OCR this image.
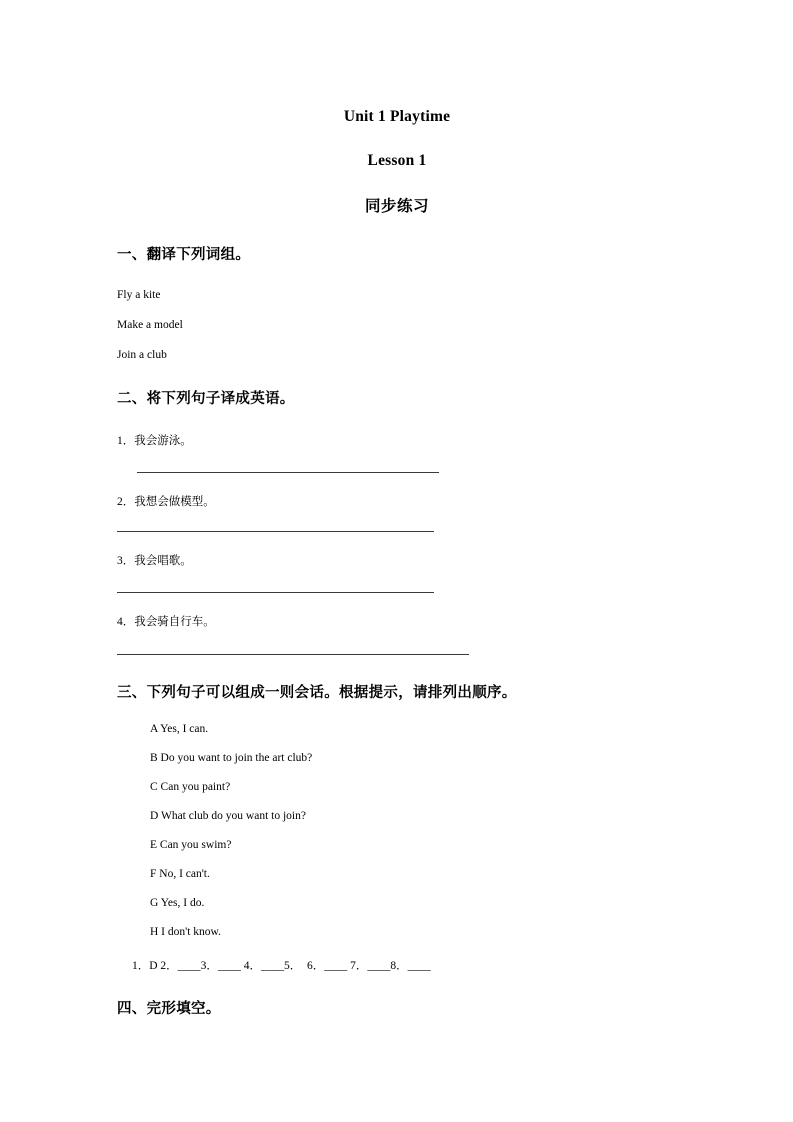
Unit 1 Playtime
Lesson 1
同步练习
一、翻译下列词组。

Fly a kite

Make a model

Join a club

二、将下列句子译成英语。

1．我会游泳。

2．我想会做模型。

3．我会唱歌。

4．我会骑自行车。

三、下列句子可以组成一则会话。根据提示，请排列出顺序。

A Yes, I can.

B Do you want to join the art club?

C Can you paint?

D What club do you want to join?

E Can you swim?

F No, I can't.

G Yes, I do.

H I don't know.

1．D 2．____3．____ 4．____5．  6．____ 7．____8．____

四、完形填空。
